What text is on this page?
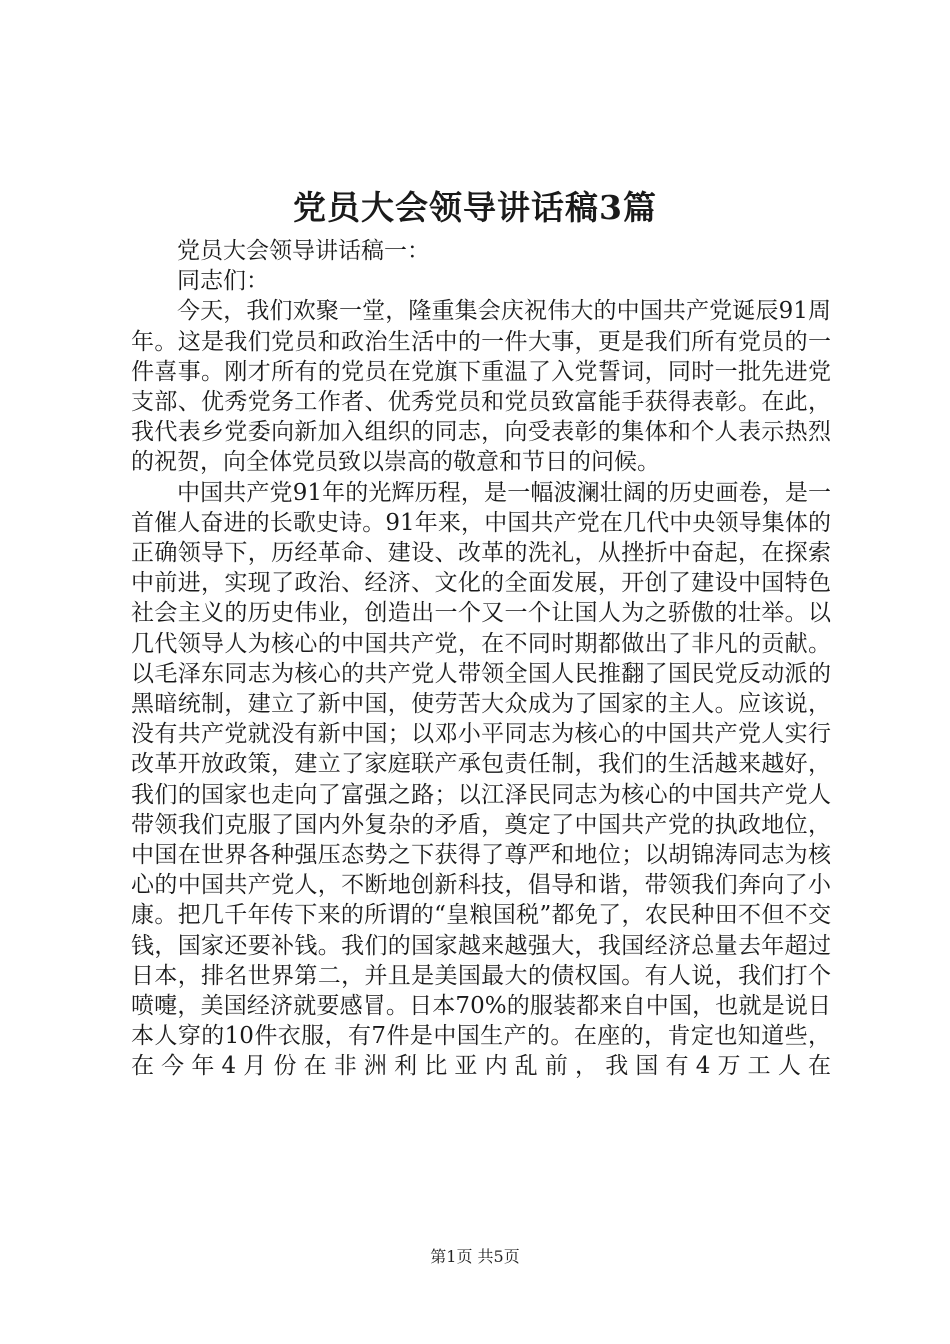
党员大会领导讲话稿3篇

党员大会领导讲话稿一：

同志们：

今天，我们欢聚一堂，隆重集会庆祝伟大的中国共产党诞辰91周年。这是我们党员和政治生活中的一件大事，更是我们所有党员的一件喜事。刚才所有的党员在党旗下重温了入党誓词，同时一批先进党支部、优秀党务工作者、优秀党员和党员致富能手获得表彰。在此，我代表乡党委向新加入组织的同志，向受表彰的集体和个人表示热烈的祝贺，向全体党员致以崇高的敬意和节日的问候。

中国共产党91年的光辉历程，是一幅波澜壮阔的历史画卷，是一首催人奋进的长歌史诗。91年来，中国共产党在几代中央领导集体的正确领导下，历经革命、建设、改革的洗礼，从挫折中奋起，在探索中前进，实现了政治、经济、文化的全面发展，开创了建设中国特色社会主义的历史伟业，创造出一个又一个让国人为之骄傲的壮举。以几代领导人为核心的中国共产党，在不同时期都做出了非凡的贡献。以毛泽东同志为核心的共产党人带领全国人民推翻了国民党反动派的黑暗统制，建立了新中国，使劳苦大众成为了国家的主人。应该说，没有共产党就没有新中国；以邓小平同志为核心的中国共产党人实行改革开放政策，建立了家庭联产承包责任制，我们的生活越来越好，我们的国家也走向了富强之路；以江泽民同志为核心的中国共产党人带领我们克服了国内外复杂的矛盾，奠定了中国共产党的执政地位，中国在世界各种强压态势之下获得了尊严和地位；以胡锦涛同志为核心的中国共产党人，不断地创新科技，倡导和谐，带领我们奔向了小康。把几千年传下来的所谓的“皇粮国税”都免了，农民种田不但不交钱，国家还要补钱。我们的国家越来越强大，我国经济总量去年超过日本，排名世界第二，并且是美国最大的债权国。有人说，我们打个喷嚏，美国经济就要感冒。日本70%的服装都来自中国，也就是说日本人穿的10件衣服，有7件是中国生产的。在座的，肯定也知道些，在今年4月份在非洲利比亚内乱前，我国有4万工人在

第1页 共5页
